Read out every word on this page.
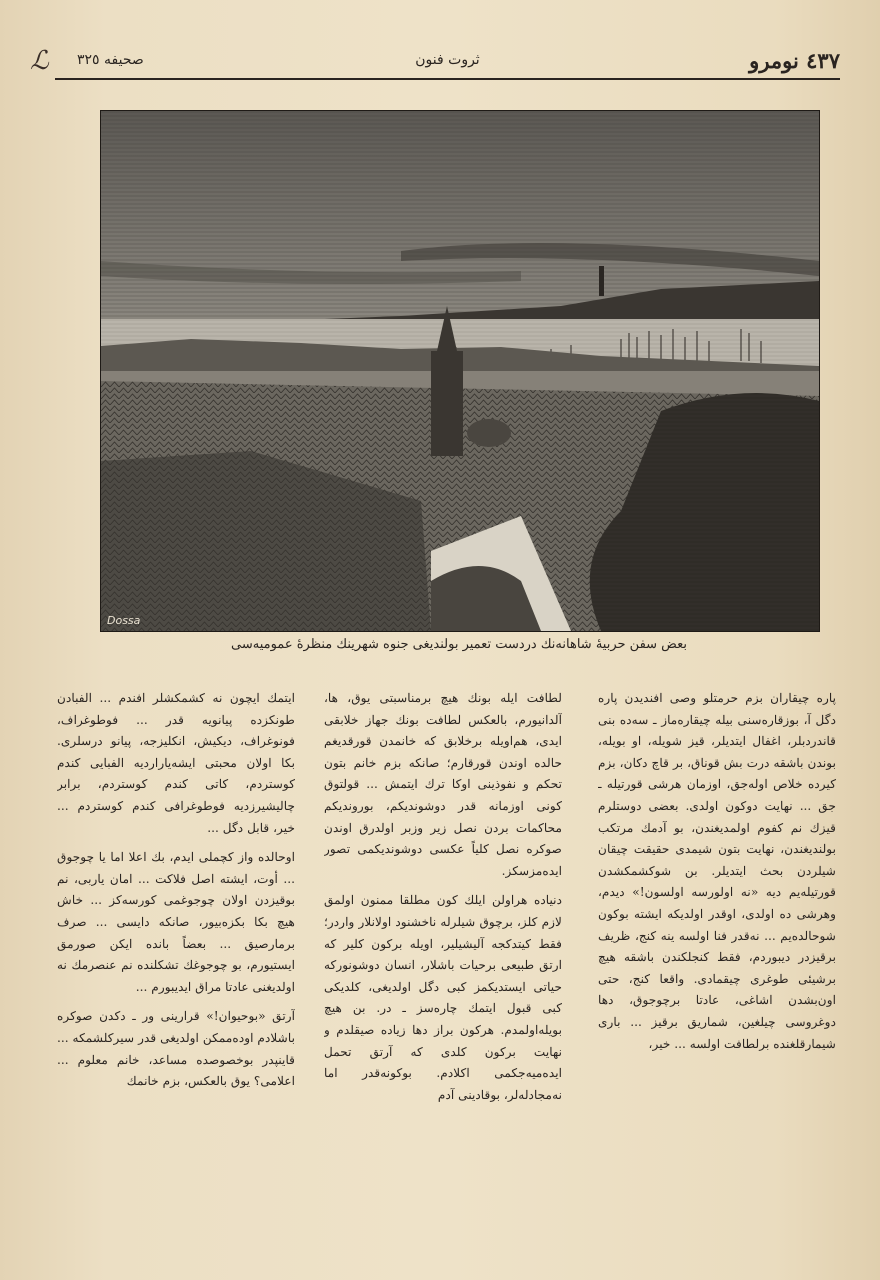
٤٣٧ نومرو
ثروت فنون
صحيفه ٣٢٥
ℒ
Dossa
بعض سفن حربيۀ شاهانه‌نك دردست تعمير بولنديغى جنوه شهرينك منظرۀ عموميه‌سى

پاره چيقاران بزم حرمتلو وصى افنديدن پاره دگل آ، بوزقاره‌سنى بيله چيقاره‌ماز ـ سه‌ده بنى قاندردبلر، اغفال ايتديلر، قيز شويله، او بويله، بوندن باشقه درت بش قوناق، بر قاچ دكان، بزم كيرده خلاص اوله‌جق، اوزمان هرشى قورتيله ـ جق ... نهايت دوكون اولدى. بعضى دوستلرم قيزك نم كفوم اولمديغندن، بو آدمك مرتكب بولنديغندن، نهايت بتون شيمدى حقيقت چيقان شيلردن بحث ايتديلر. بن شوكشمكشدن قورتيله‌يم ديه «نه اولورسه اولسون!» ديدم، وهرشى ده اولدى، اوقدر اولديكه ايشته بوكون شوحالده‌يم ... نه‌قدر فنا اولسه ينه كنج، ظريف برقيزدر ديبوردم، فقط كنجلكندن باشقه هيچ برشيئى طوغرى چيقمادى. واقعا كنج، حتى اون‌بشدن اشاغى، عادتا برچوجوق، دها دوغروسى چيلغين، شماريق برقيز ... بارى شيمارقلغنده برلطافت اولسه ... خير،

لطافت ايله بونك هيچ برمناسبتى يوق، ها، آلدانيورم، بالعكس لطافت بونك جهاز خلابقى ايدى، هم‌اويله برخلابق كه خانمدن قورقديغم حالده اوندن قورقارم؛ صانكه بزم خانم بتون تحكم و نفوذينى اوكا ترك ايتمش ... قولتوق كونى اوزمانه قدر دوشونديكم، بورونديكم محاكمات بردن نصل زير وزبر اولدرق اوندن صوكره نصل كلياً عكسى دوشونديكمى تصور ايده‌مزسكز.

دنياده هراولن ايلك كون مطلقا ممنون اولمق لازم كلز، برچوق شيلرله ناخشنود اولانلار واردر؛ فقط كيتدكجه آليشيلير، اويله بركون كلير كه ارتق طبيعى برحيات باشلار، انسان دوشونوركه حياتى ايستديكمز كبى دگل اولديغى، كلديكى كبى قبول ايتمك چاره‌سز ـ در. بن هيچ بويله‌اولمدم. هركون براز دها زياده صيقلدم و نهايت بركون كلدى كه آرتق تحمل ايده‌ميه‌جكمى اكلادم. بوكونه‌قدر اما نه‌مجادله‌لر، بوقادينى آدم

ايتمك ايچون نه كشمكشلر افندم ... الفبادن طونكزده پيانويه قدر ... فوطوغراف، فونوغراف، ديكيش، انكليزجه، پيانو درسلرى. بكا اولان محبتى ايشه‌يارارديه الفبايى كندم كوستردم، كاتى كندم كوستردم، برابر چاليشيرزديه فوطوغرافى كندم كوستردم ... خير، قابل دگل ...

اوحالده واز كچملى ايدم، بك اعلا اما يا چوجوق ... أوت، ايشته اصل فلاكت ... امان ياربى، نم بوقيزدن اولان چوجوغمى كورسه‌كز ... خاش هيچ بكا بكزه‌بيور، صانكه دايسى ... صرف برمارصيق ... بعضاً بانده ايكن صورمق ايستيورم، بو چوجوغك تشكلنده نم عنصرمك نه اولديغنى عادتا مراق ايديبورم ...

آرتق «بوحيوان!» قرارينى ور ـ دكدن صوكره باشلادم اوده‌ممكن اولديغى قدر سيركلشمكه ... قاينپدر بوخصوصده مساعد، خانم معلوم ... اعلامى؟ يوق بالعكس، بزم خانمك
